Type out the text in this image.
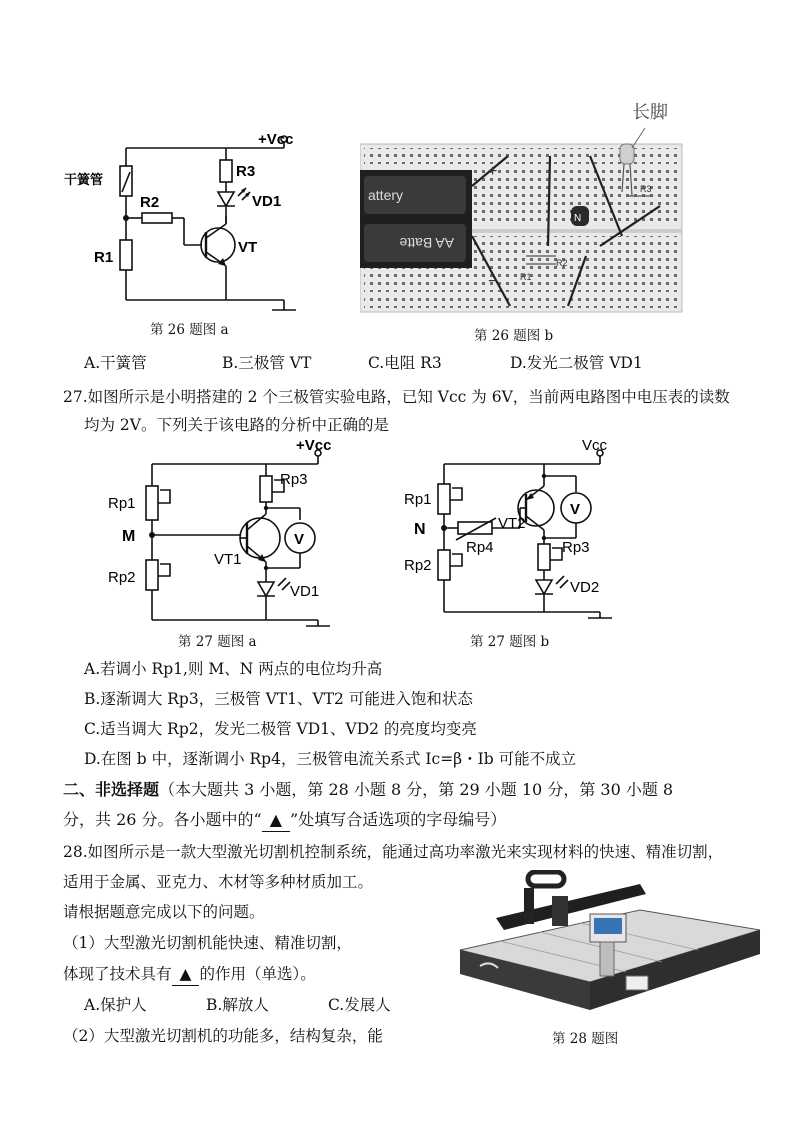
+Vcc
干簧管
R1
R2
R3
VD1
VT
第 26 题图 a
attery
AA Batte
N
长脚
+
−	R1
R2
R3
第 26 题图 b
A.干簧管	B.三极管 VT	C.电阻 R3	D.发光二极管 VD1
27.如图所示是小明搭建的 2 个三极管实验电路，已知 Vcc 为 6V，当前两电路图中电压表的读数
均为 2V。下列关于该电路的分析中正确的是
+Vcc
Rp1
M
Rp2
Rp3
VT1
VD1
V
第 27 题图 a
Vcc
Rp1
N
Rp4
Rp2
VT2
Rp3
VD2
V
第 27 题图 b
A.若调小 Rp1,则 M、N 两点的电位均升高
B.逐渐调大 Rp3，三极管 VT1、VT2 可能进入饱和状态
C.适当调大 Rp2，发光二极管 VD1、VD2 的亮度均变亮
D.在图 b 中，逐渐调小 Rp4，三极管电流关系式 Ic=β・Ib 可能不成立
二、非选择题（本大题共 3 小题，第 28 小题 8 分，第 29 小题 10 分，第 30 小题 8
分，共 26 分。各小题中的“ ▲ ”处填写合适选项的字母编号）
28.如图所示是一款大型激光切割机控制系统，能通过高功率激光来实现材料的快速、精准切割，
适用于金属、亚克力、木材等多种材质加工。
请根据题意完成以下的问题。
（1）大型激光切割机能快速、精准切割，
体现了技术具有 ▲ 的作用（单选）。
A.保护人	B.解放人	C.发展人
（2）大型激光切割机的功能多，结构复杂，能	第 28 题图
